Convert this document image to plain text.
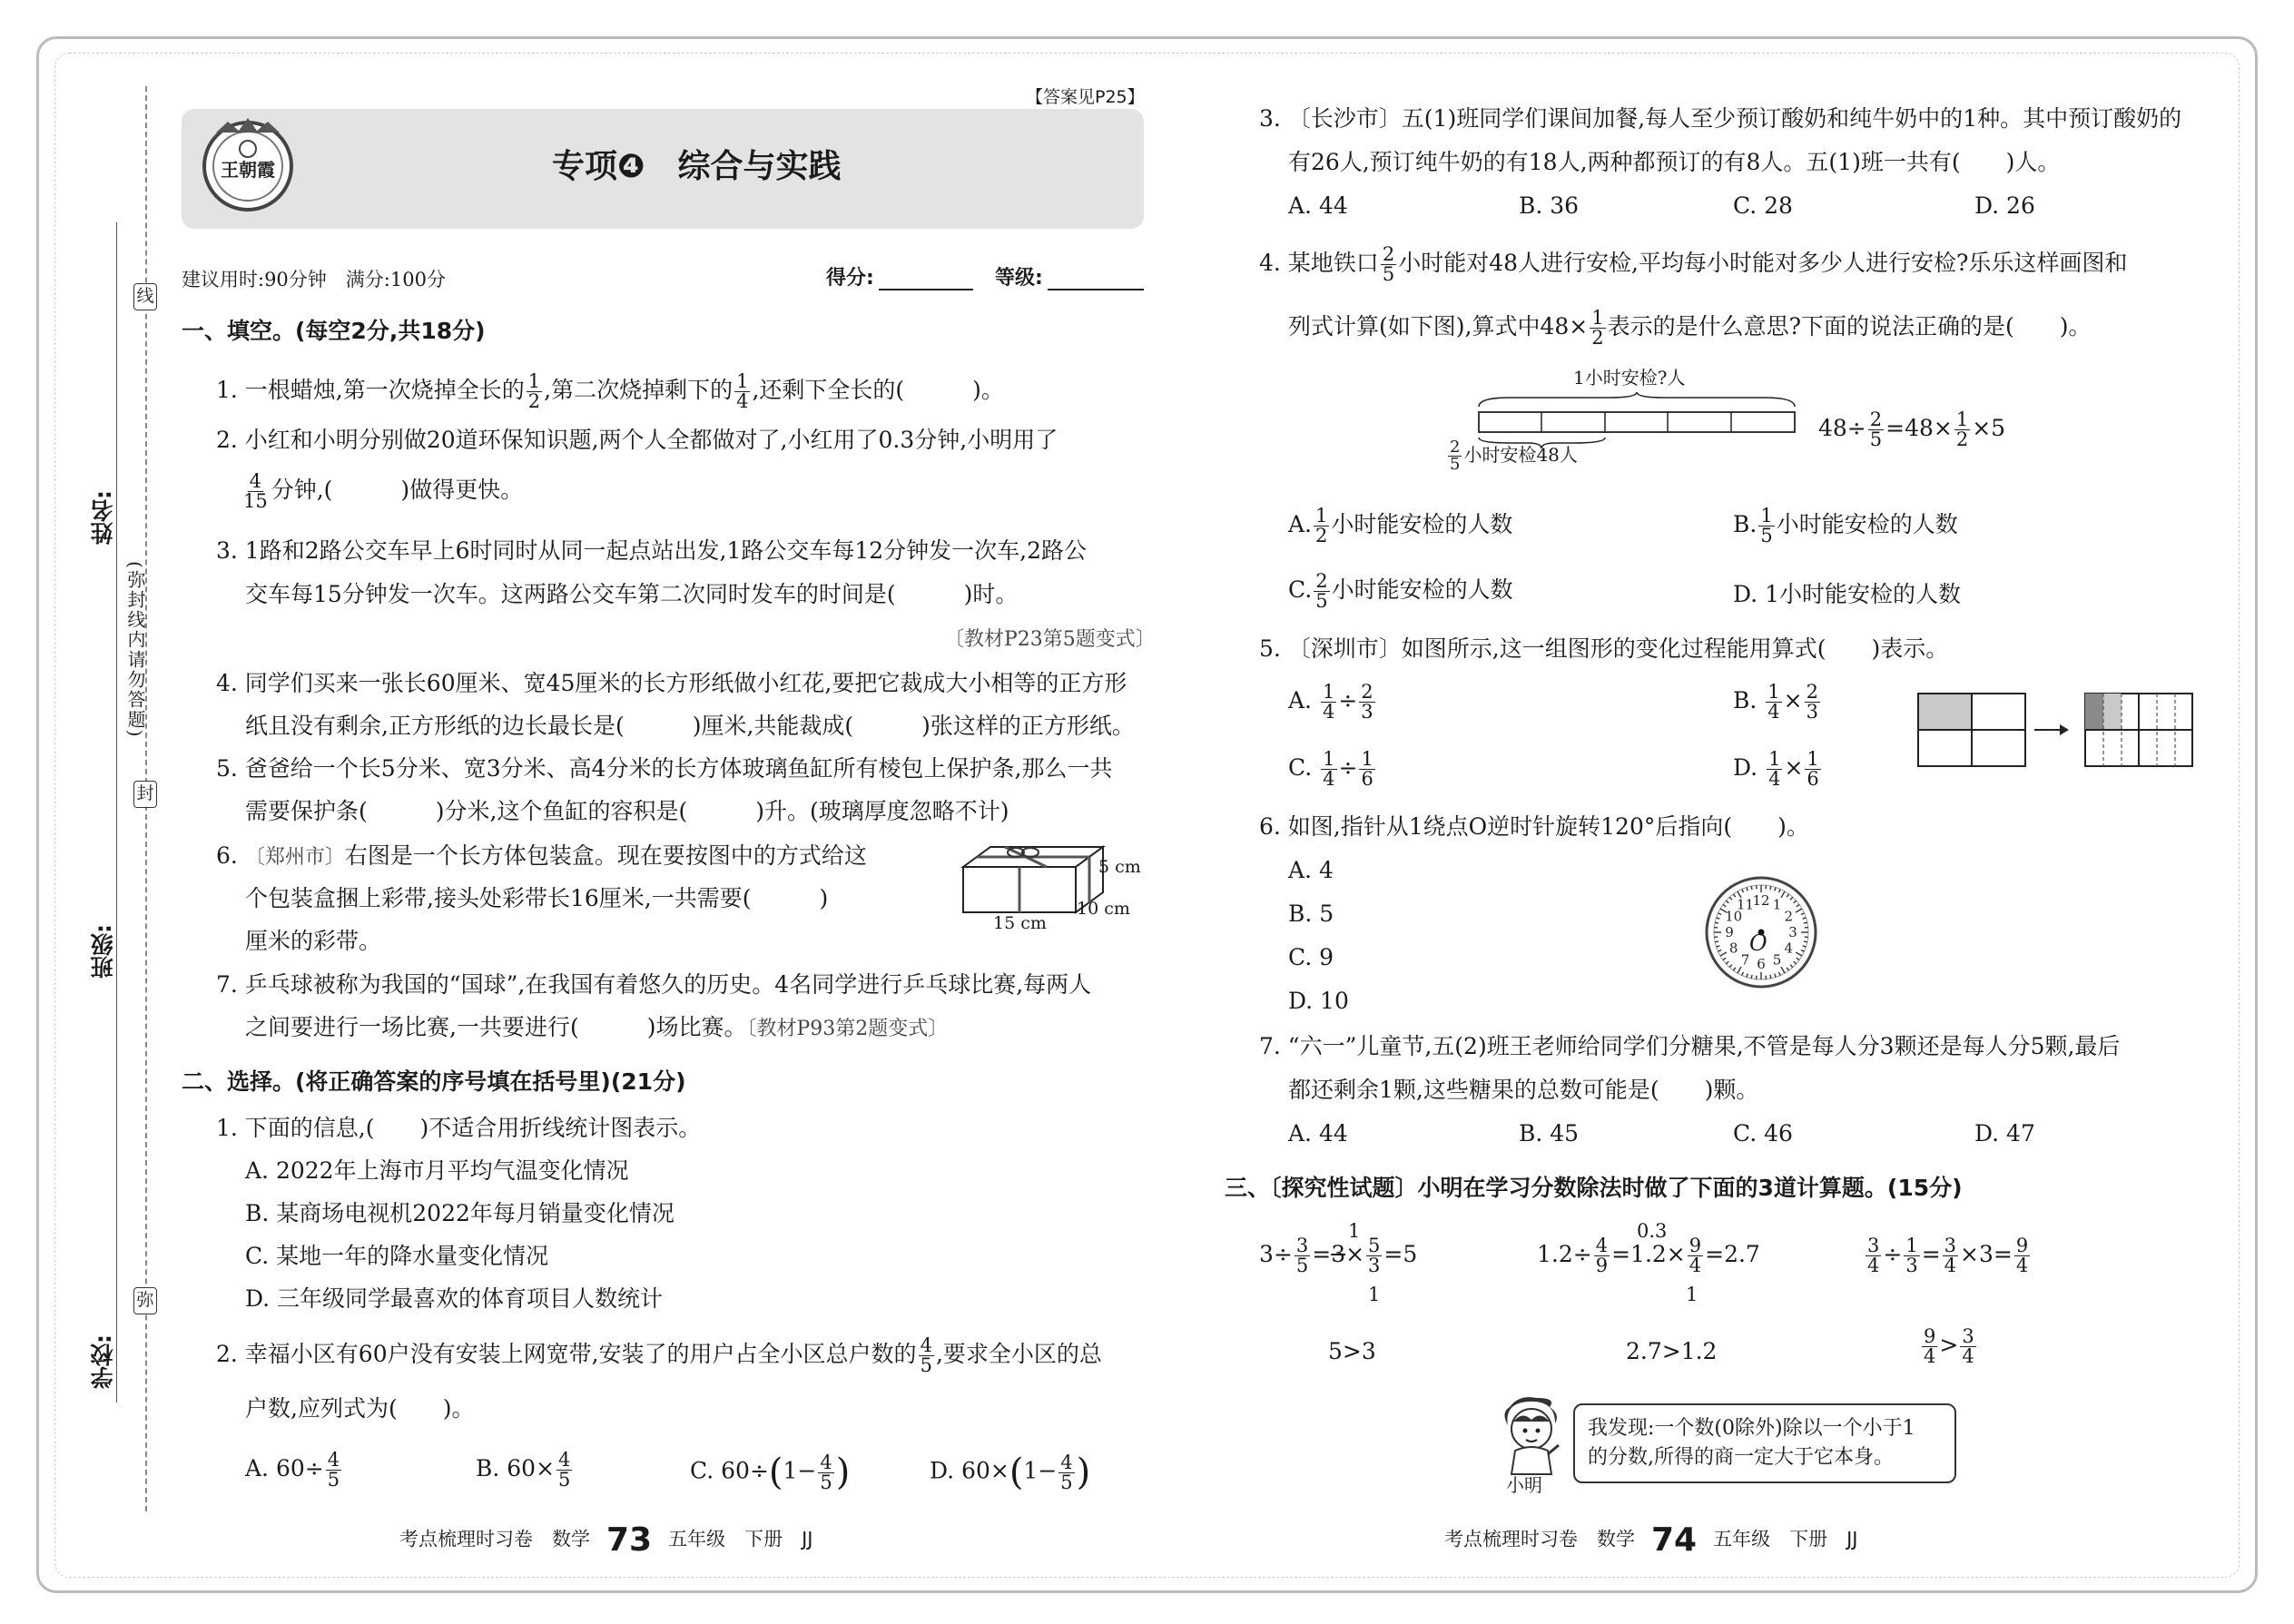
线
封
弥
(弥封线内请勿答题)
姓名:
班级:
学校:
【答案见P25】
王朝霞	专项❹　综合与实践
建议用时:90分钟　满分:100分	得分:	等级:
一、填空。(每空2分,共18分)
1. 一根蜡烛,第一次烧掉全长的 $\frac{1}{2}$ ,第二次烧掉剩下的 $\frac{1}{4}$ ,还剩下全长的(　　　)。
2. 小红和小明分别做20道环保知识题,两个人全都做对了,小红用了0.3分钟,小明用了
$\frac{4}{15}$ 分钟,(　　　)做得更快。
3. 1路和2路公交车早上6时同时从同一起点站出发,1路公交车每12分钟发一次车,2路公
交车每15分钟发一次车。这两路公交车第二次同时发车的时间是(　　　)时。
〔教材P23第5题变式〕
4. 同学们买来一张长60厘米、宽45厘米的长方形纸做小红花,要把它裁成大小相等的正方形
纸且没有剩余,正方形纸的边长最长是(　　　)厘米,共能裁成(　　　)张这样的正方形纸。
5. 爸爸给一个长5分米、宽3分米、高4分米的长方体玻璃鱼缸所有棱包上保护条,那么一共
需要保护条(　　　)分米,这个鱼缸的容积是(　　　)升。(玻璃厚度忽略不计)
6. 〔郑州市〕右图是一个长方体包装盒。现在要按图中的方式给这
个包装盒捆上彩带,接头处彩带长16厘米,一共需要(　　　)
厘米的彩带。
5 cm
10 cm
15 cm
7. 乒乓球被称为我国的“国球”,在我国有着悠久的历史。4名同学进行乒乓球比赛,每两人
之间要进行一场比赛,一共要进行(　　　)场比赛。〔教材P93第2题变式〕
二、选择。(将正确答案的序号填在括号里)(21分)
1. 下面的信息,(　　)不适合用折线统计图表示。
A. 2022年上海市月平均气温变化情况
B. 某商场电视机2022年每月销量变化情况
C. 某地一年的降水量变化情况
D. 三年级同学最喜欢的体育项目人数统计
2. 幸福小区有60户没有安装上网宽带,安装了的用户占全小区总户数的 $\frac{4}{5}$ ,要求全小区的总
户数,应列式为(　　)。
A. $60\div \frac{4}{5}$	B. $60\times \frac{4}{5}$	C. $60\div(1- \frac{4}{5}$ )	D. $60\times(1- \frac{4}{5}$ )
考点梳理时习卷　数学 73 五年级　下册　JJ
3. 〔长沙市〕五(1)班同学们课间加餐,每人至少预订酸奶和纯牛奶中的1种。其中预订酸奶的
有26人,预订纯牛奶的有18人,两种都预订的有8人。五(1)班一共有(　　)人。
A. 44	B. 36	C. 28	D. 26
4. 某地铁口 $\frac{2}{5}$ 小时能对48人进行安检,平均每小时能对多少人进行安检?乐乐这样画图和
列式计算(如下图),算式中$48\times \frac{1}{2}$ 表示的是什么意思?下面的说法正确的是(　　)。
1小时安检?人
$\frac{2}{5}$ 小时安检48人
$48\div \frac{2}{5} =48\times \frac{1}{2} \times 5$
A. $\frac{1}{2}$ 小时能安检的人数	B. $\frac{1}{5}$ 小时能安检的人数
C. $\frac{2}{5}$ 小时能安检的人数	D. 1小时能安检的人数
5. 〔深圳市〕如图所示,这一组图形的变化过程能用算式(　　)表示。
A. $\frac{1}{4} \div \frac{2}{3}$	B. $\frac{1}{4} \times \frac{2}{3}$
C. $\frac{1}{4} \div \frac{1}{6}$	D. $\frac{1}{4} \times \frac{1}{6}$
6. 如图,指针从1绕点O逆时针旋转120°后指向(　　)。
A. 4
B. 5
C. 9
D. 10
1
2
3
4
5
6
7
8
9
10
11
12
O
7. “六一”儿童节,五(2)班王老师给同学们分糖果,不管是每人分3颗还是每人分5颗,最后
都还剩余1颗,这些糖果的总数可能是(　　)颗。
A. 44	B. 45	C. 46	D. 47
三、〔探究性试题〕小明在学习分数除法时做了下面的3道计算题。(15分)
$3\div \frac{3}{5} =3\times \frac{5}{3} =5$
1
1
5>3
$1.2\div \frac{4}{9} =1.2\times \frac{9}{4} =2.7$
0.3
1
2.7>1.2
$\frac{3}{4} \div \frac{1}{3} = \frac{3}{4} \times 3= \frac{9}{4}$
$\frac{9}{4} > \frac{3}{4}$
小明
我发现:一个数(0除外)除以一个小于1
的分数,所得的商一定大于它本身。
考点梳理时习卷　数学 74 五年级　下册　JJ
